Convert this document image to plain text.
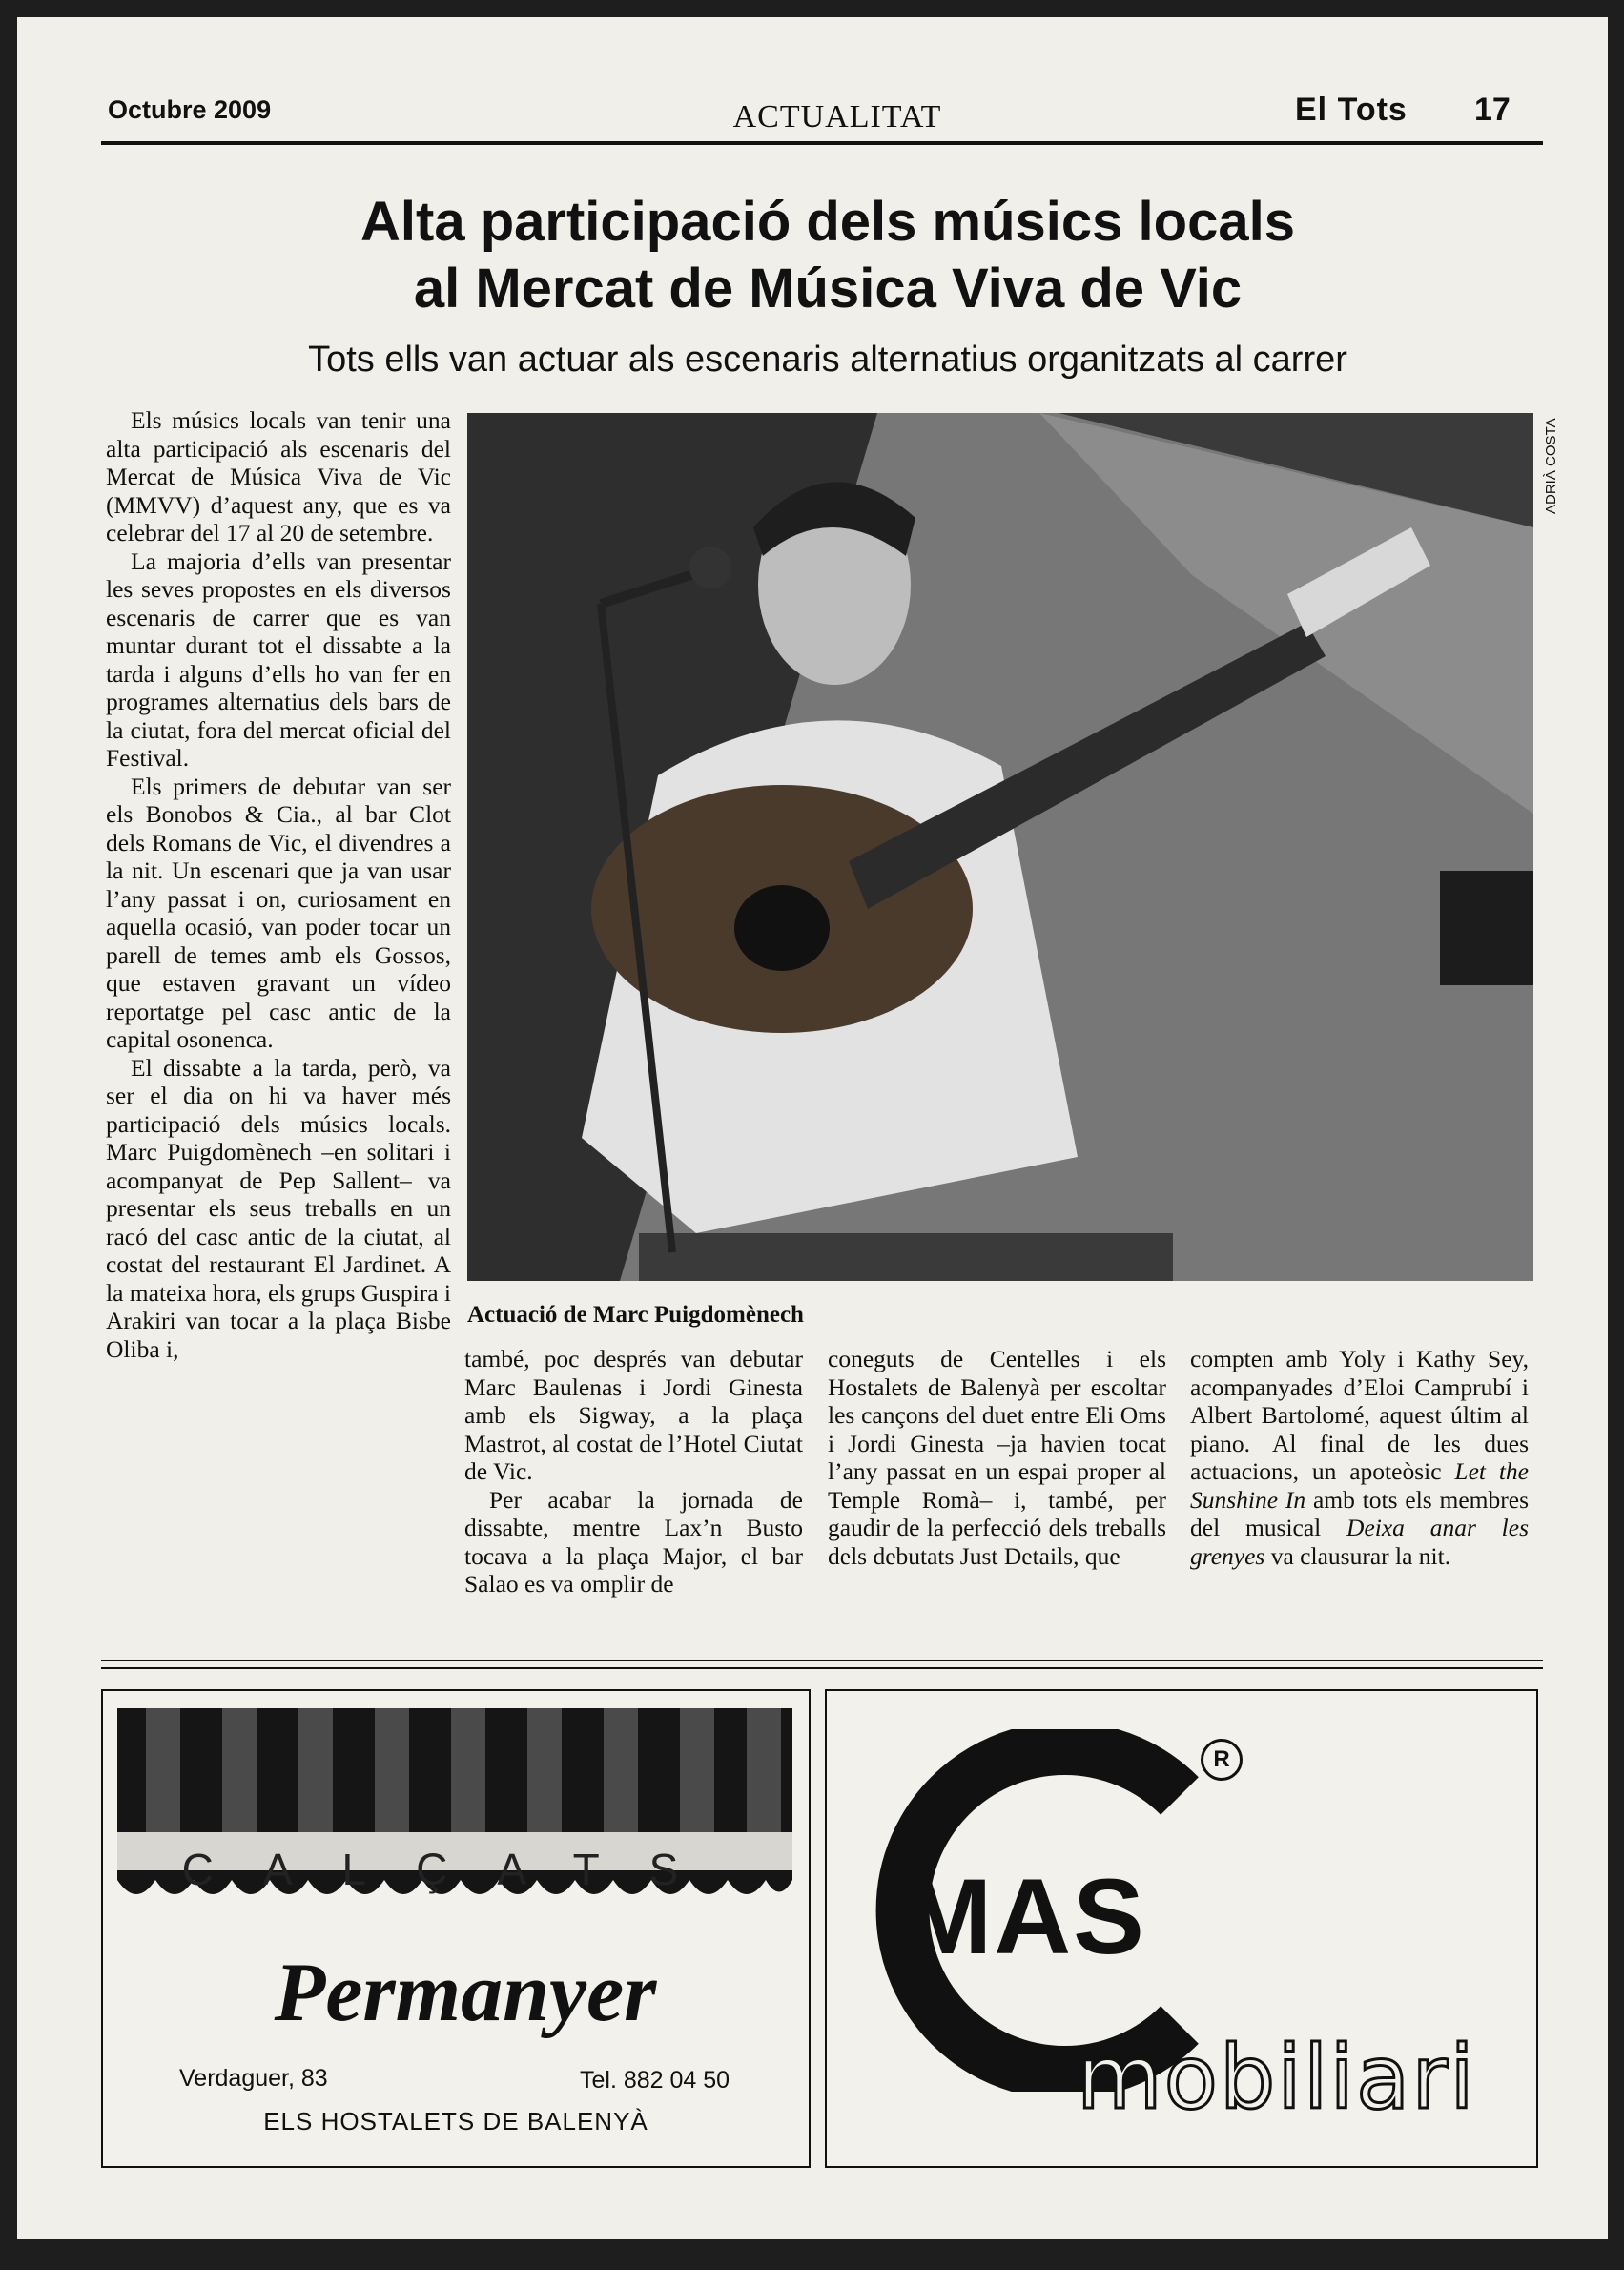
Octubre 2009	ACTUALITAT	El Tots 17
Alta participació dels músics locals
al Mercat de Música Viva de Vic
Tots ells van actuar als escenaris alternatius organitzats al carrer

Els músics locals van tenir una alta participació als escenaris del Mercat de Música Viva de Vic (MMVV) d’aquest any, que es va celebrar del 17 al 20 de setembre.

La majoria d’ells van presentar les seves propostes en els diversos escenaris de carrer que es van muntar durant tot el dissabte a la tarda i alguns d’ells ho van fer en programes alternatius dels bars de la ciutat, fora del mercat oficial del Festival.

Els primers de debutar van ser els Bonobos & Cia., al bar Clot dels Romans de Vic, el divendres a la nit. Un escenari que ja van usar l’any passat i on, curiosament en aquella ocasió, van poder tocar un parell de temes amb els Gossos, que estaven gravant un vídeo reportatge pel casc antic de la capital osonenca.

El dissabte a la tarda, però, va ser el dia on hi va haver més participació dels músics locals. Marc Puigdomènech –en solitari i acompanyat de Pep Sallent– va presentar els seus treballs en un racó del casc antic de la ciutat, al costat del restaurant El Jardinet. A la mateixa hora, els grups Guspira i Arakiri van tocar a la plaça Bisbe Oliba i,

ADRIÀ COSTA
Actuació de Marc Puigdomènech

també, poc després van debutar Marc Baulenas i Jordi Ginesta amb els Sigway, a la plaça Mastrot, al costat de l’Hotel Ciutat de Vic.

Per acabar la jornada de dissabte, mentre Lax’n Busto tocava a la plaça Major, el bar Salao es va omplir de

coneguts de Centelles i els Hostalets de Balenyà per escoltar les cançons del duet entre Eli Oms i Jordi Ginesta –ja havien tocat l’any passat en un espai proper al Temple Romà– i, també, per gaudir de la perfecció dels treballs dels debutats Just Details, que

compten amb Yoly i Kathy Sey, acompanyades d’Eloi Camprubí i Albert Bartolomé, aquest últim al piano. Al final de les dues actuacions, un apoteòsic Let the Sunshine In amb tots els membres del musical Deixa anar les grenyes va clausurar la nit.

CALÇATS
Permanyer
Verdaguer, 83	Tel. 882 04 50
ELS HOSTALETS DE BALENYÀ
MAS
R
mobiliari
